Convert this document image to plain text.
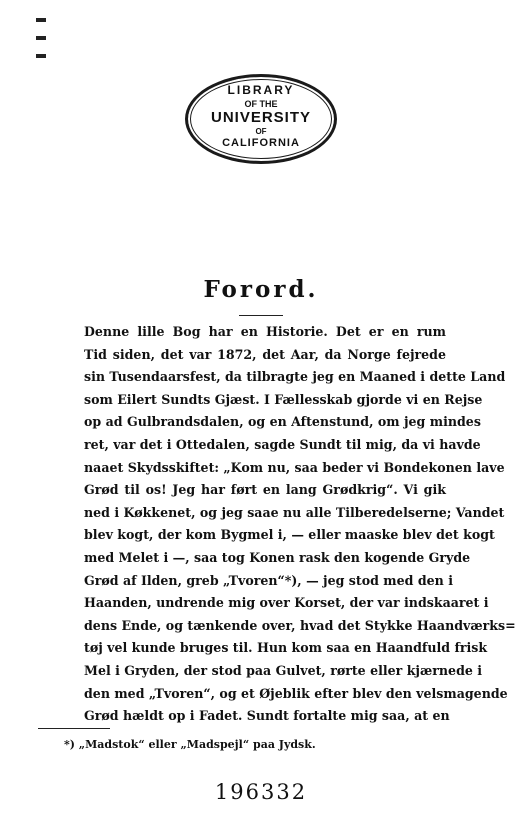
LIBRARY
OF THE
UNIVERSITY
OF
CALIFORNIA
Forord.
Denne lille Bog har en Historie. Det er en rum
Tid siden, det var 1872, det Aar, da Norge fejrede
sin Tusendaarsfest, da tilbragte jeg en Maaned i dette Land
som Eilert Sundts Gjæst. I Fællesskab gjorde vi en Rejse
op ad Gulbrandsdalen, og en Aftenstund, om jeg mindes
ret, var det i Ottedalen, sagde Sundt til mig, da vi havde
naaet Skydsskiftet: „Kom nu, saa beder vi Bondekonen lave
Grød til os! Jeg har ført en lang Grødkrig“. Vi gik
ned i Køkkenet, og jeg saae nu alle Tilberedelserne; Vandet
blev kogt, der kom Bygmel i, — eller maaske blev det kogt
med Melet i —, saa tog Konen rask den kogende Gryde
Grød af Ilden, greb „Tvoren“*), — jeg stod med den i
Haanden, undrende mig over Korset, der var indskaaret i
dens Ende, og tænkende over, hvad det Stykke Haandværks=
tøj vel kunde bruges til. Hun kom saa en Haandfuld frisk
Mel i Gryden, der stod paa Gulvet, rørte eller kjærnede i
den med „Tvoren“, og et Øjeblik efter blev den velsmagende
Grød hældt op i Fadet. Sundt fortalte mig saa, at en
*) „Madstok“ eller „Madspejl“ paa Jydsk.
196332
